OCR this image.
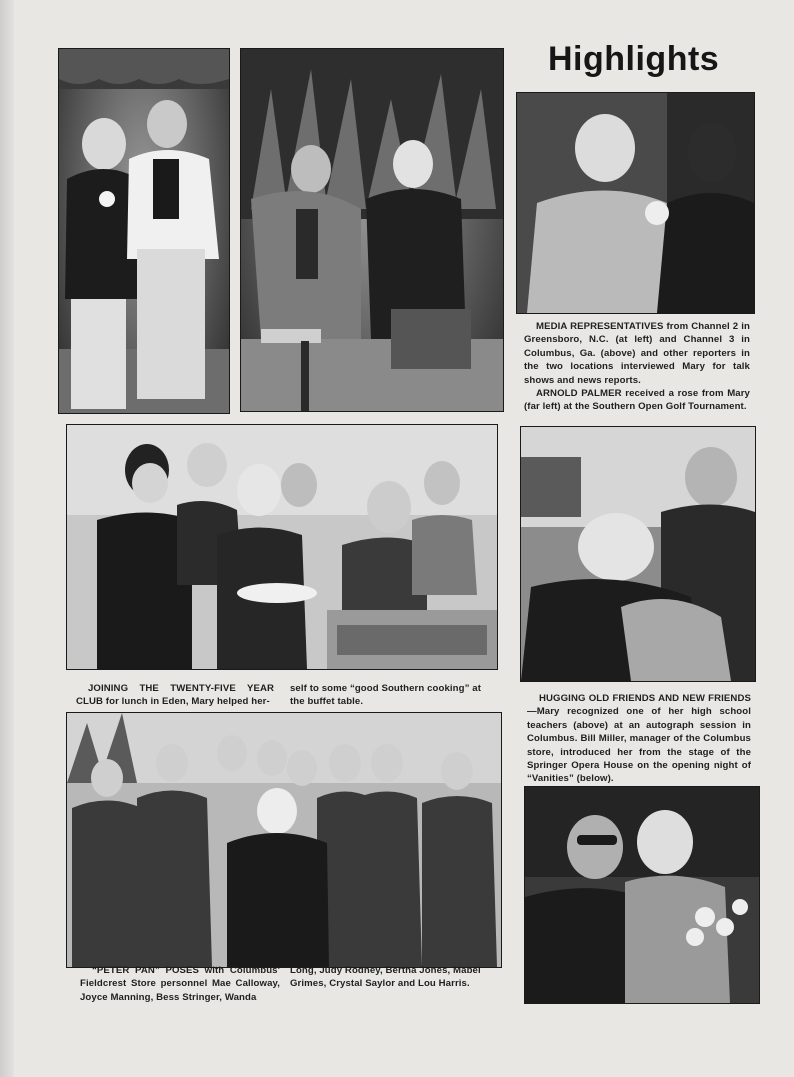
Highlights

MEDIA REPRESENTATIVES from Channel 2 in Greensboro, N.C. (at left) and Channel 3 in Columbus, Ga. (above) and other reporters in the two locations interviewed Mary for talk shows and news reports.

ARNOLD PALMER received a rose from Mary (far left) at the Southern Open Golf Tournament.

JOINING THE TWENTY-FIVE YEAR CLUB for lunch in Eden, Mary helped her-

self to some “good Southern cooking” at the buffet table.	HUGGING OLD FRIENDS AND NEW FRIENDS—Mary recognized one of her high school teachers (above) at an autograph session in Columbus. Bill Miller, manager of the Columbus store, introduced her from the stage of the Springer Opera House on the opening night of “Vanities” (below).

“PETER PAN” POSES with Columbus' Fieldcrest Store personnel Mae Calloway, Joyce Manning, Bess Stringer, Wanda

Long, Judy Rodney, Bertha Jones, Mabel Grimes, Crystal Saylor and Lou Harris.
